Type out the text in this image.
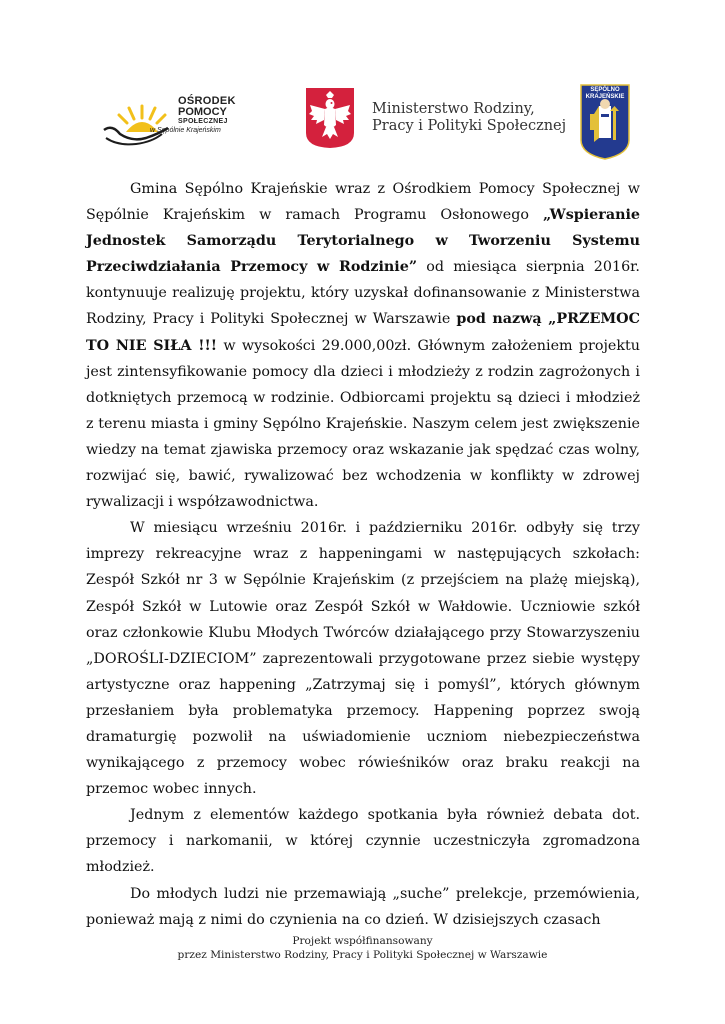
OŚRODEK
POMOCY
SPOŁECZNEJ
w Sępólnie Krajeńskim
Ministerstwo Rodziny,
Pracy i Polityki Społecznej
SĘPÓLNO
KRAJEŃSKIE

Gmina Sępólno Krajeńskie wraz z Ośrodkiem Pomocy Społecznej w Sępólnie Krajeńskim w ramach Programu Osłonowego „Wspieranie Jednostek Samorządu Terytorialnego w Tworzeniu Systemu Przeciwdziałania Przemocy w Rodzinie” od miesiąca sierpnia 2016r. kontynuuje realizuję projektu, który uzyskał dofinansowanie z Ministerstwa Rodziny, Pracy i Polityki Społecznej w Warszawie pod nazwą „PRZEMOC TO NIE SIŁA !!! w wysokości 29.000,00zł. Głównym założeniem projektu jest zintensyfikowanie pomocy dla dzieci i młodzieży z rodzin zagrożonych i dotkniętych przemocą w rodzinie. Odbiorcami projektu są dzieci i młodzież z terenu miasta i gminy Sępólno Krajeńskie. Naszym celem jest zwiększenie wiedzy na temat zjawiska przemocy oraz wskazanie jak spędzać czas wolny, rozwijać się, bawić, rywalizować bez wchodzenia w konflikty w zdrowej rywalizacji i współzawodnictwa.

W miesiącu wrześniu 2016r. i październiku 2016r. odbyły się trzy imprezy rekreacyjne wraz z happeningami w następujących szkołach: Zespół Szkół nr 3 w Sępólnie Krajeńskim (z przejściem na plażę miejską), Zespół Szkół w Lutowie oraz Zespół Szkół w Wałdowie. Uczniowie szkół oraz członkowie Klubu Młodych Twórców działającego przy Stowarzyszeniu „DOROŚLI-DZIECIOM” zaprezentowali przygotowane przez siebie występy artystyczne oraz happening „Zatrzymaj się i pomyśl”, których głównym przesłaniem była problematyka przemocy. Happening poprzez swoją dramaturgię pozwolił na uświadomienie uczniom niebezpieczeństwa wynikającego z przemocy wobec rówieśników oraz braku reakcji na przemoc wobec innych.

Jednym z elementów każdego spotkania była również debata dot. przemocy i narkomanii, w której czynnie uczestniczyła zgromadzona młodzież.

Do młodych ludzi nie przemawiają „suche” prelekcje, przemówienia, ponieważ mają z nimi do czynienia na co dzień. W dzisiejszych czasach

Projekt współfinansowany
przez Ministerstwo Rodziny, Pracy i Polityki Społecznej w Warszawie
